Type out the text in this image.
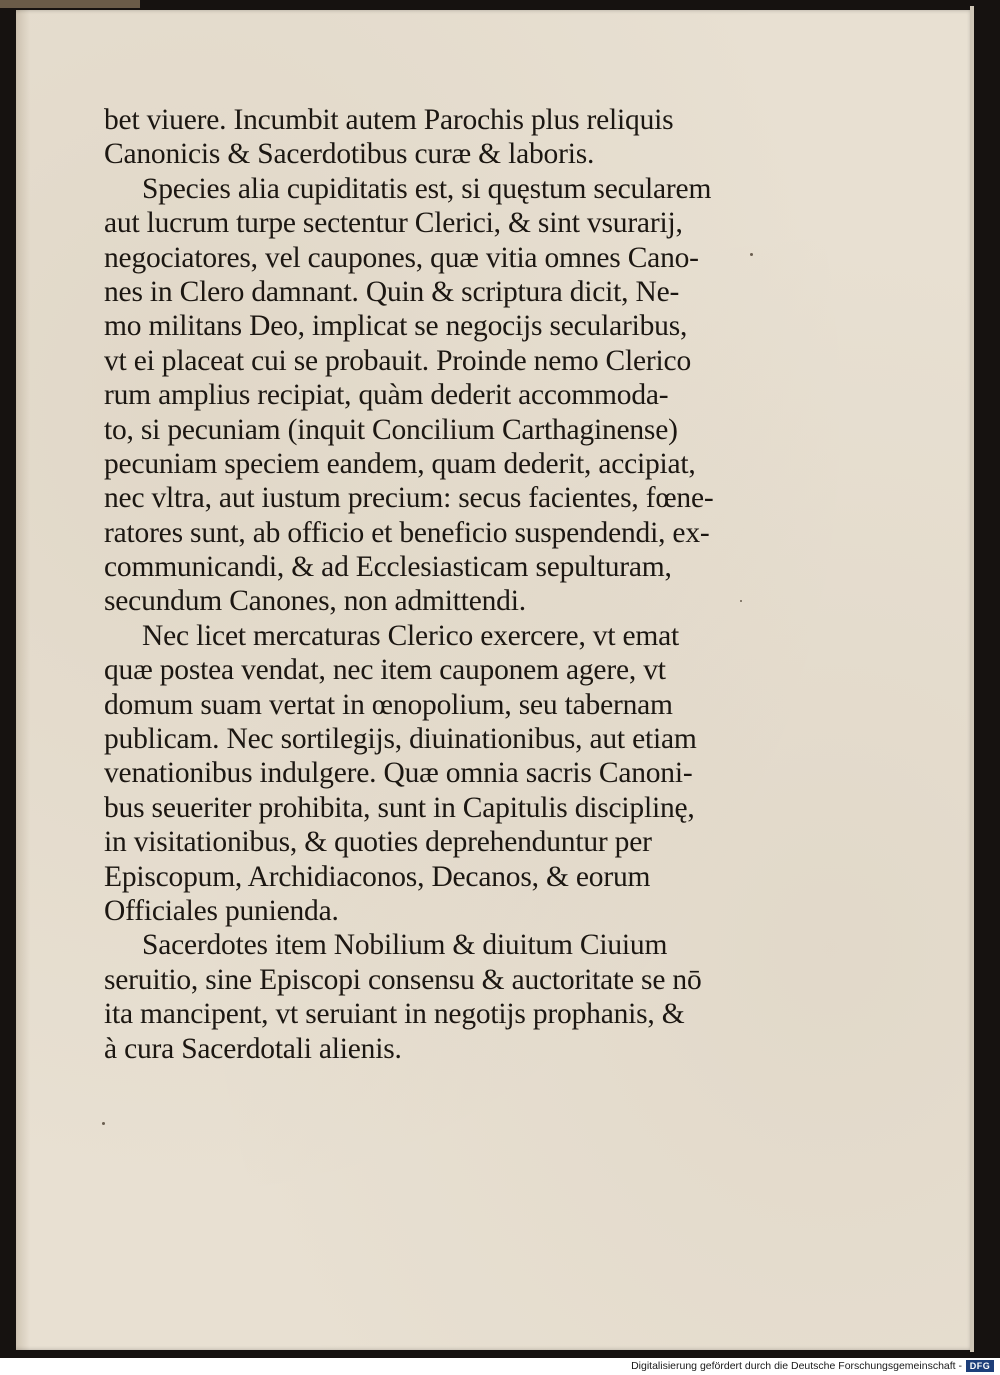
bet viuere. Incumbit autem Parochis plus reliquis
Canonicis & Sacerdotibus curæ & laboris.
Species alia cupiditatis est, si quęstum secularem
aut lucrum turpe sectentur Clerici, & sint vsurarij,
negociatores, vel caupones, quæ vitia omnes Cano-
nes in Clero damnant. Quin & scriptura dicit, Ne-
mo militans Deo, implicat se negocijs secularibus,
vt ei placeat cui se probauit. Proinde nemo Clerico
rum amplius recipiat, quàm dederit accommoda-
to, si pecuniam (inquit Concilium Carthaginense)
pecuniam speciem eandem, quam dederit, accipiat,
nec vltra, aut iustum precium: secus facientes, fœne-
ratores sunt, ab officio et beneficio suspendendi, ex-
communicandi, & ad Ecclesiasticam sepulturam,
secundum Canones, non admittendi.
Nec licet mercaturas Clerico exercere, vt emat
quæ postea vendat, nec item cauponem agere, vt
domum suam vertat in œnopolium, seu tabernam
publicam. Nec sortilegijs, diuinationibus, aut etiam
venationibus indulgere. Quæ omnia sacris Canoni-
bus seueriter prohibita, sunt in Capitulis disciplinę,
in visitationibus, & quoties deprehenduntur per
Episcopum, Archidiaconos, Decanos, & eorum
Officiales punienda.
Sacerdotes item Nobilium & diuitum Ciuium
seruitio, sine Episcopi consensu & auctoritate se nō
ita mancipent, vt seruiant in negotijs prophanis, &
à cura Sacerdotali alienis.
Digitalisierung gefördert durch die Deutsche Forschungsgemeinschaft - DFG
